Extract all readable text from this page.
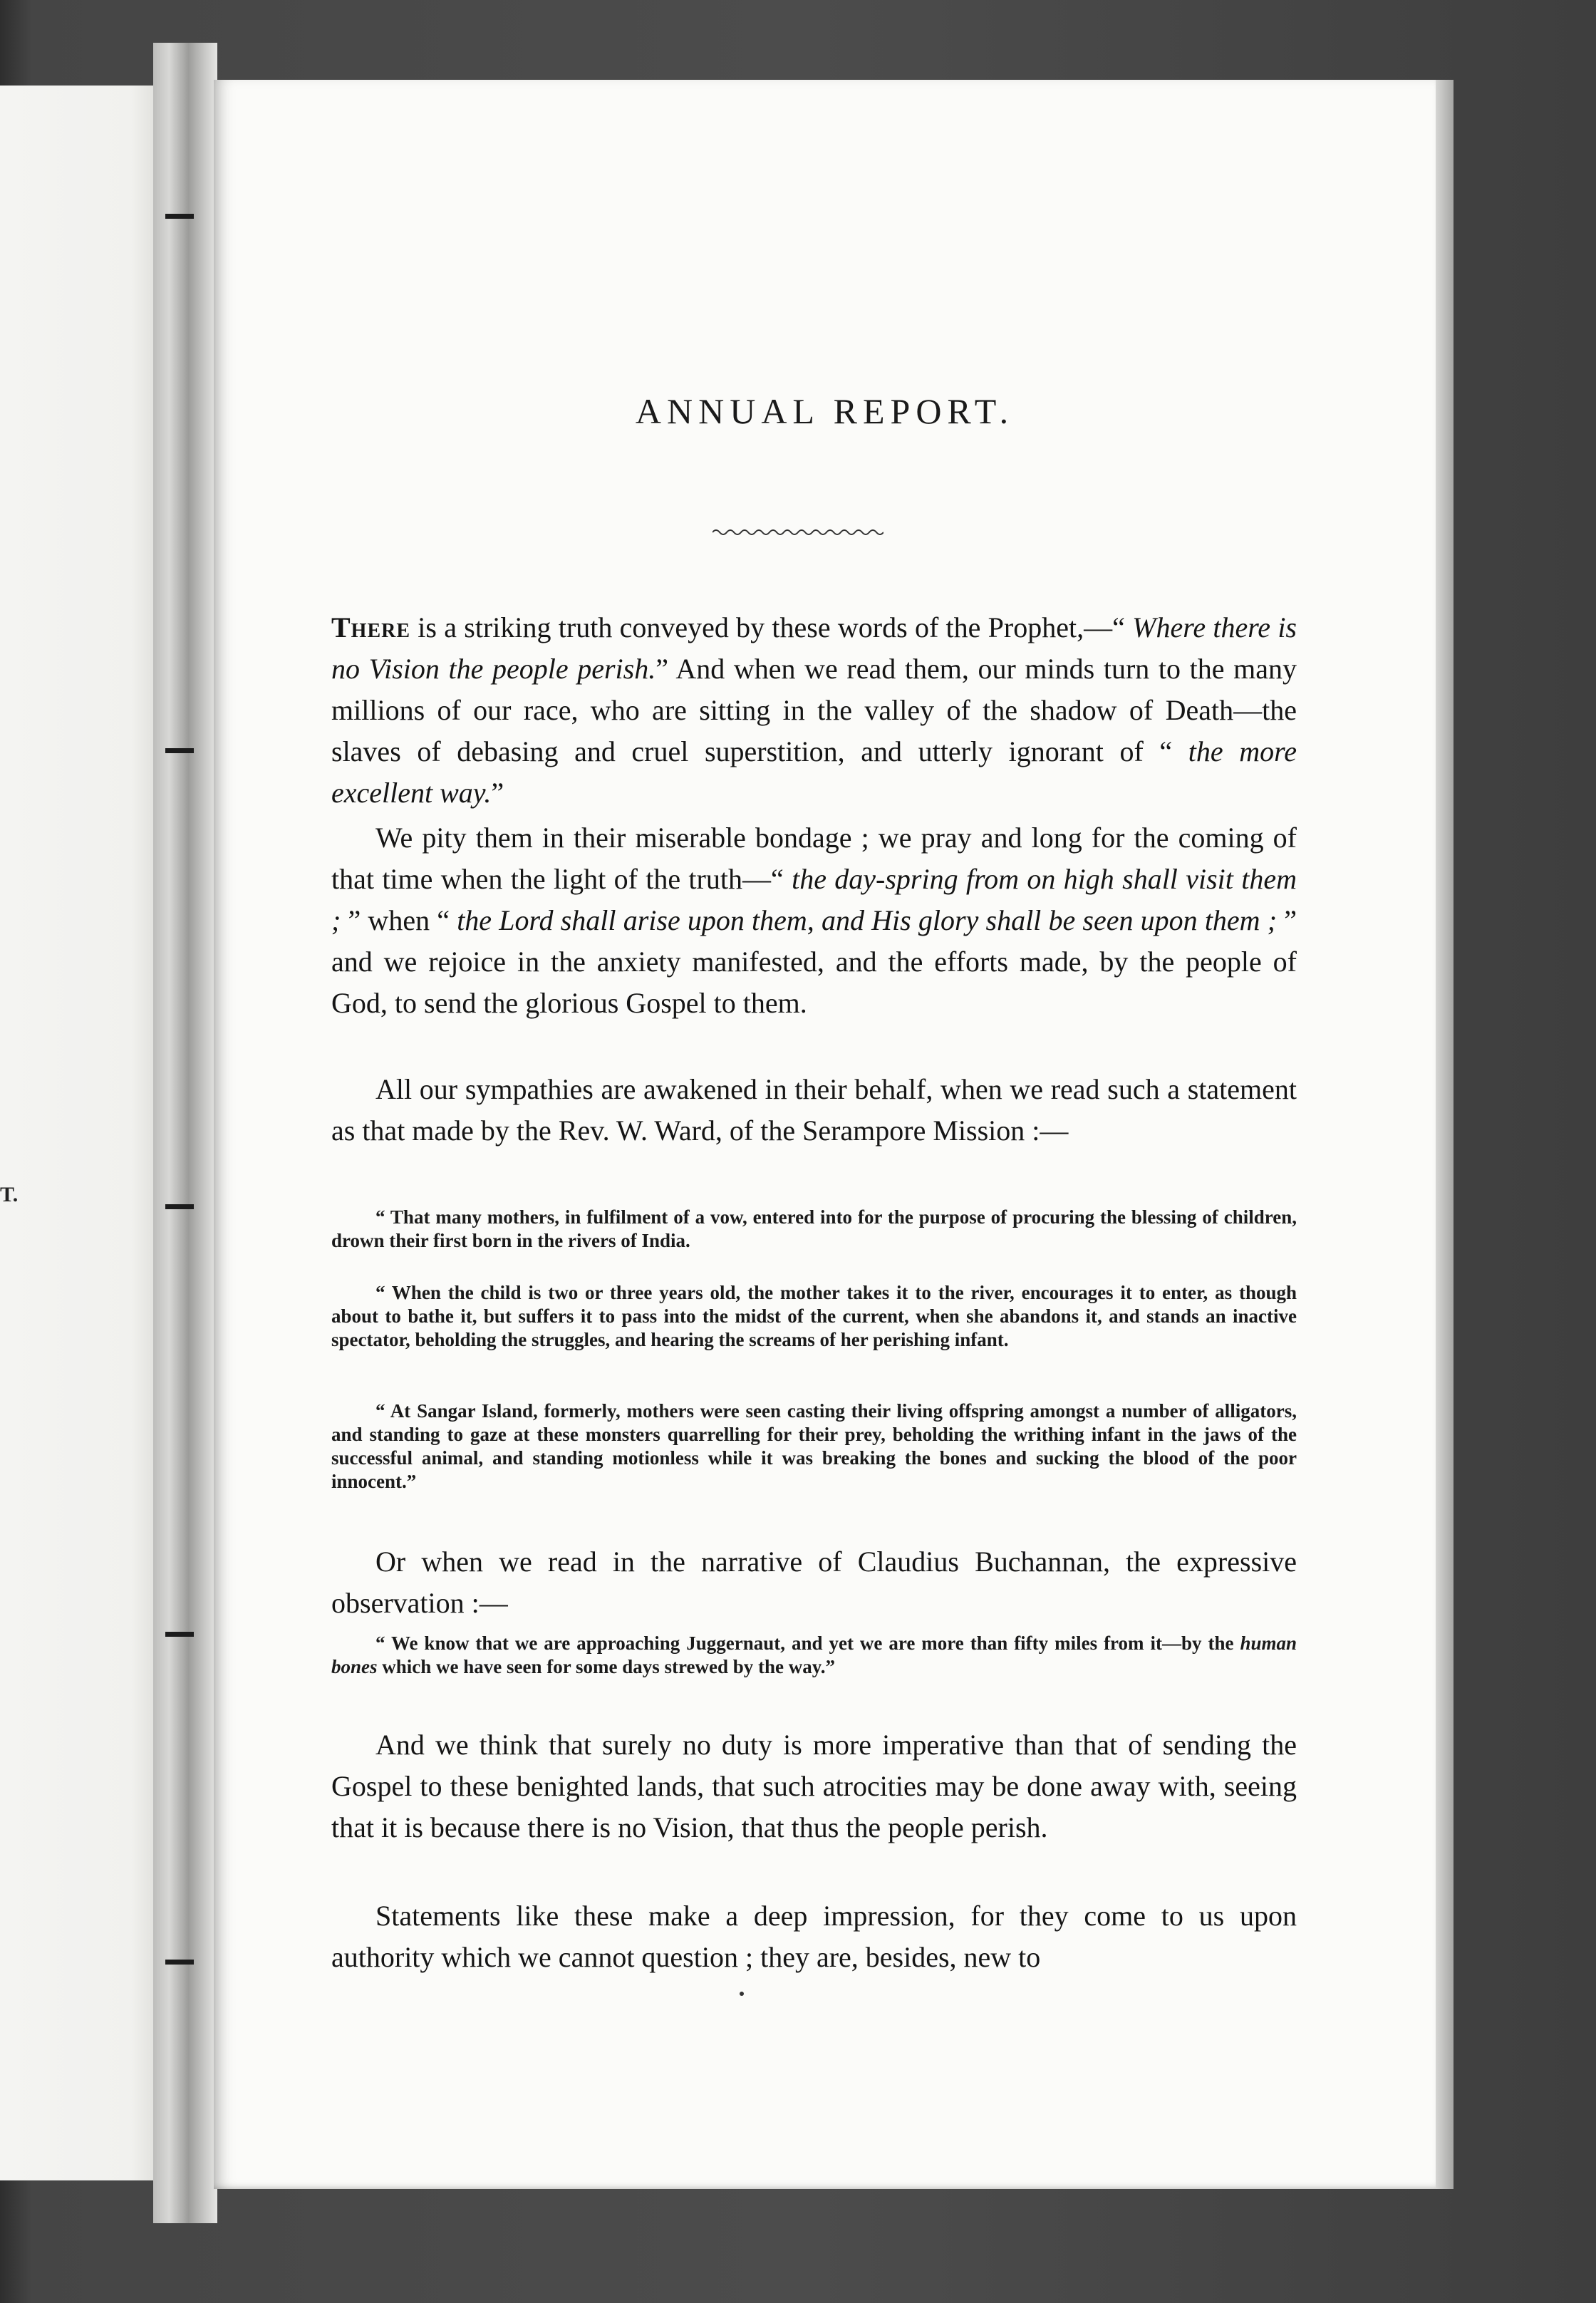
T.
ANNUAL REPORT.

There is a striking truth conveyed by these words of the Prophet,—“ Where there is no Vision the people perish.” And when we read them, our minds turn to the many millions of our race, who are sitting in the valley of the shadow of Death—the slaves of debasing and cruel superstition, and utterly ignorant of “ the more excellent way.”

We pity them in their miserable bondage ; we pray and long for the coming of that time when the light of the truth—“ the day-spring from on high shall visit them ; ” when “ the Lord shall arise upon them, and His glory shall be seen upon them ; ” and we rejoice in the anxiety manifested, and the efforts made, by the people of God, to send the glorious Gospel to them.

All our sympathies are awakened in their behalf, when we read such a statement as that made by the Rev. W. Ward, of the Serampore Mission :—

“ That many mothers, in fulfilment of a vow, entered into for the purpose of procuring the blessing of children, drown their first born in the rivers of India.

“ When the child is two or three years old, the mother takes it to the river, encourages it to enter, as though about to bathe it, but suffers it to pass into the midst of the current, when she abandons it, and stands an inactive spectator, beholding the struggles, and hearing the screams of her perishing infant.

“ At Sangar Island, formerly, mothers were seen casting their living offspring amongst a number of alligators, and standing to gaze at these monsters quarrelling for their prey, beholding the writhing infant in the jaws of the successful animal, and standing motionless while it was breaking the bones and sucking the blood of the poor innocent.”

Or when we read in the narrative of Claudius Buchannan, the expressive observation :—

“ We know that we are approaching Juggernaut, and yet we are more than fifty miles from it—by the human bones which we have seen for some days strewed by the way.”

And we think that surely no duty is more imperative than that of sending the Gospel to these benighted lands, that such atrocities may be done away with, seeing that it is because there is no Vision, that thus the people perish.

Statements like these make a deep impression, for they come to us upon authority which we cannot question ; they are, besides, new to
